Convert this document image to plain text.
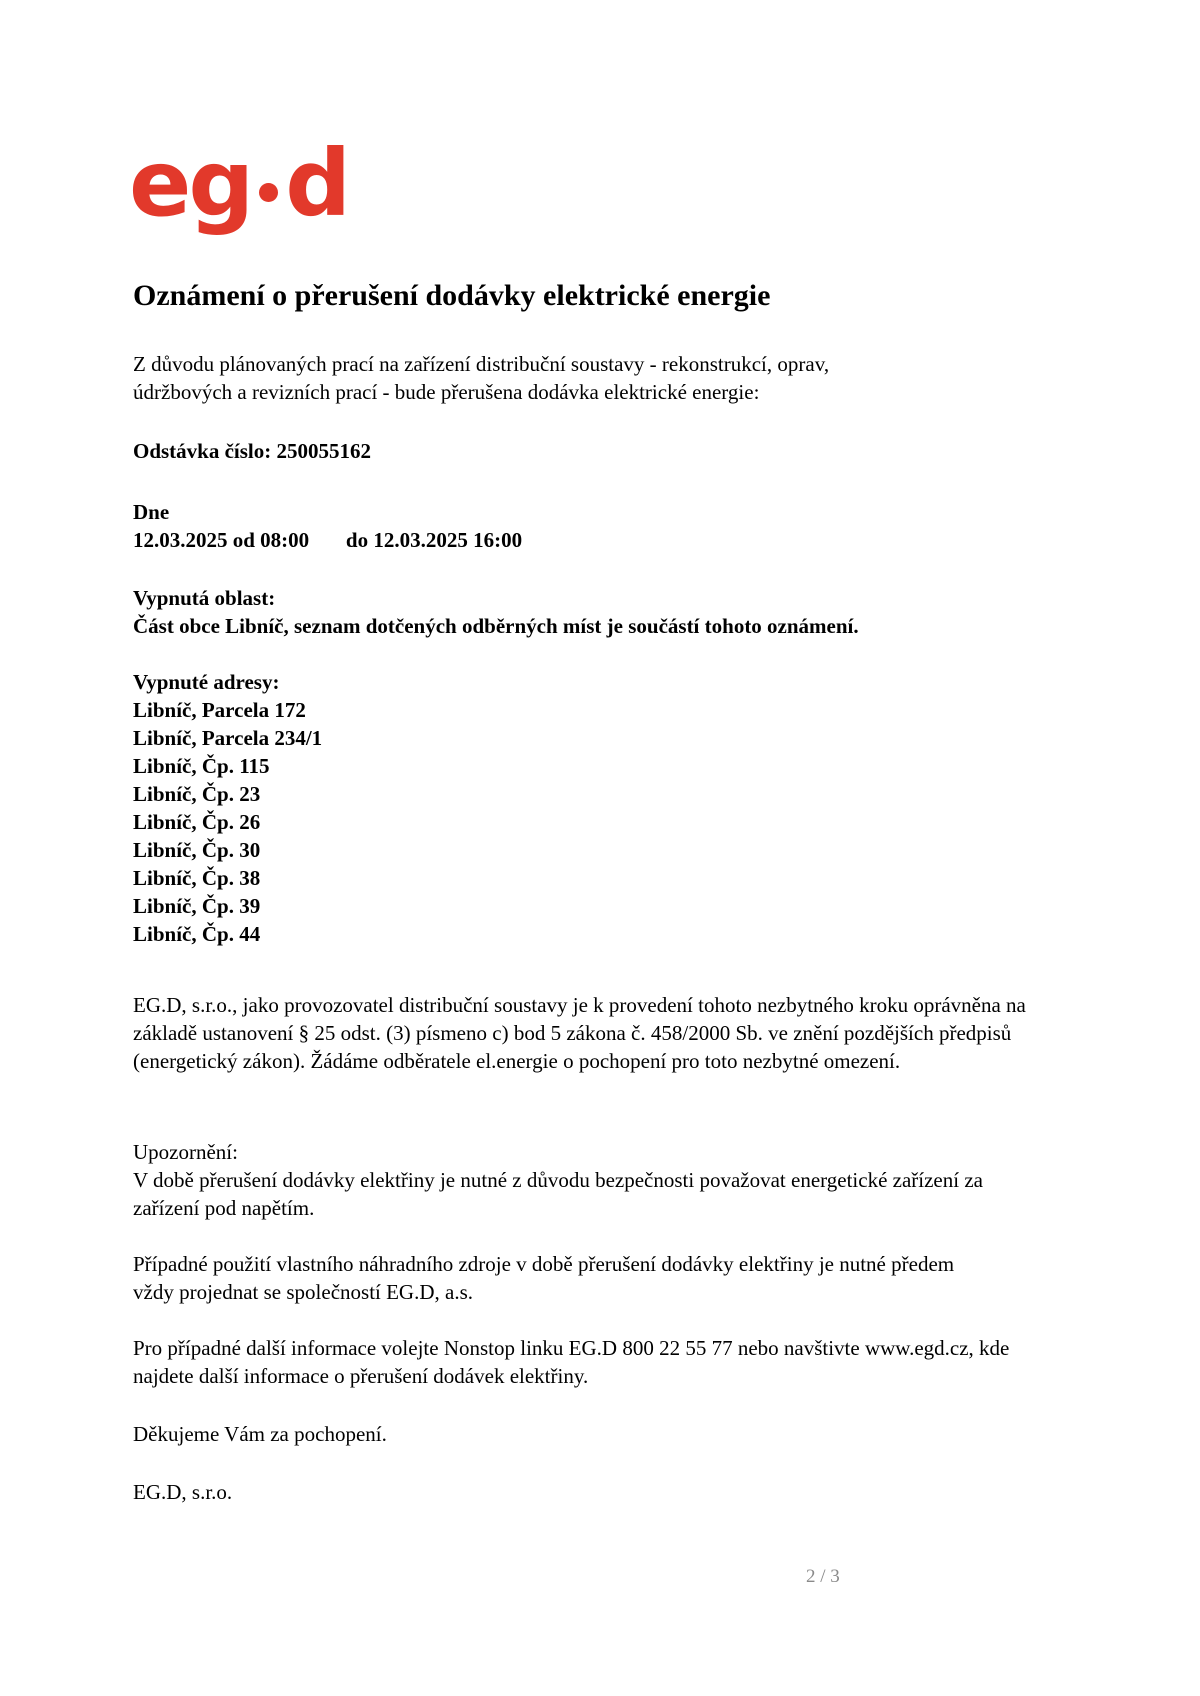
eg d
Oznámení o přerušení dodávky elektrické energie
Z důvodu plánovaných prací na zařízení distribuční soustavy - rekonstrukcí, oprav, údržbových a revizních prací - bude přerušena dodávka elektrické energie:
Odstávka číslo: 250055162
Dne
12.03.2025 od 08:00       do 12.03.2025 16:00
Vypnutá oblast:
Část obce Libníč, seznam dotčených odběrných míst je součástí tohoto oznámení.
Vypnuté adresy:
Libníč, Parcela 172
Libníč, Parcela 234/1
Libníč, Čp. 115
Libníč, Čp. 23
Libníč, Čp. 26
Libníč, Čp. 30
Libníč, Čp. 38
Libníč, Čp. 39
Libníč, Čp. 44
EG.D, s.r.o., jako provozovatel distribuční soustavy je k provedení tohoto nezbytného kroku oprávněna na základě ustanovení § 25 odst. (3) písmeno c) bod 5 zákona č. 458/2000 Sb. ve znění pozdějších předpisů (energetický zákon). Žádáme odběratele el.energie o pochopení pro toto nezbytné omezení.
Upozornění:
V době přerušení dodávky elektřiny je nutné z důvodu bezpečnosti považovat energetické zařízení za zařízení pod napětím.
Případné použití vlastního náhradního zdroje v době přerušení dodávky elektřiny je nutné předem vždy projednat se společností EG.D, a.s.
Pro případné další informace volejte Nonstop linku EG.D 800 22 55 77 nebo navštivte www.egd.cz, kde najdete další informace o přerušení dodávek elektřiny.
Děkujeme Vám za pochopení.
EG.D, s.r.o.
2 / 3
